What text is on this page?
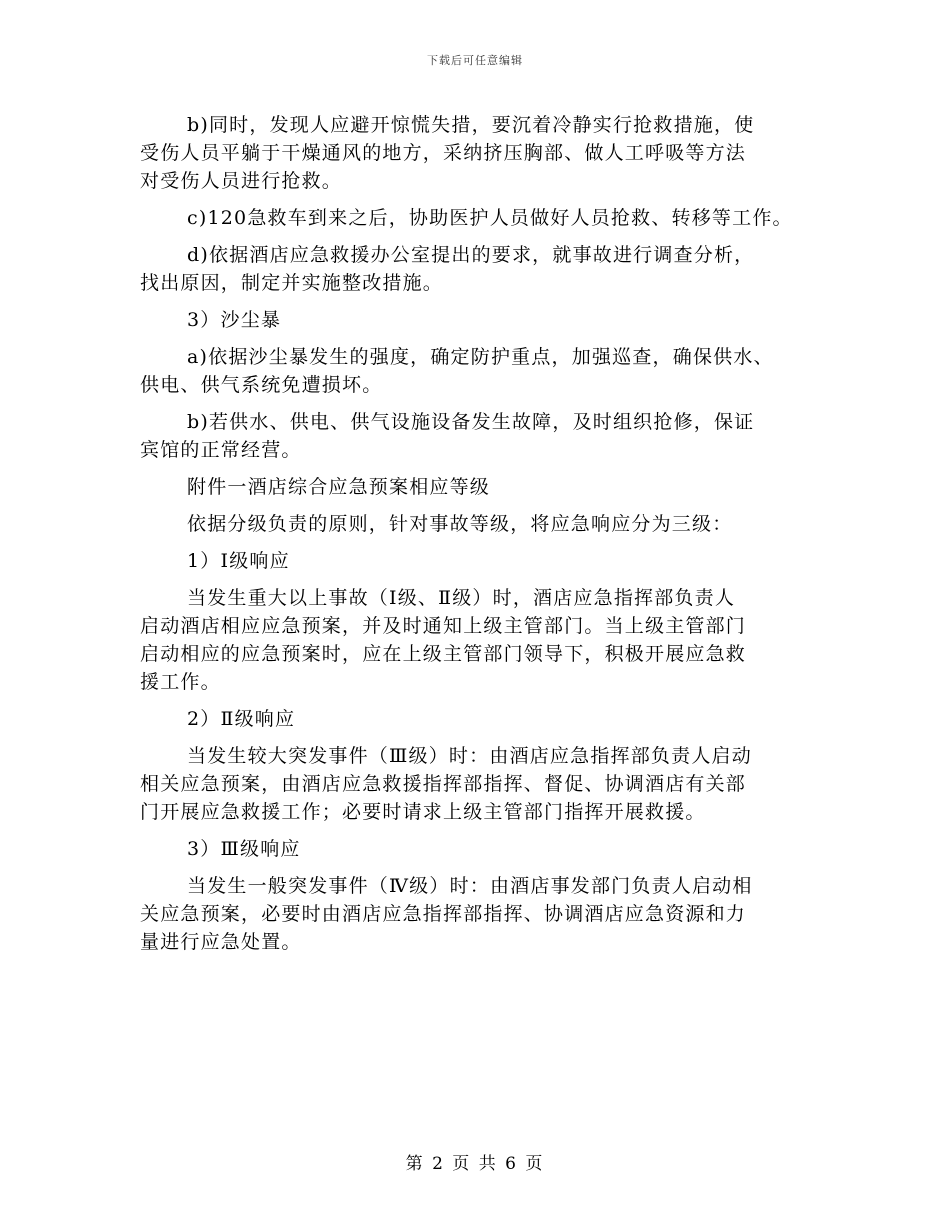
下载后可任意编辑

b)同时，发现人应避开惊慌失措，要沉着冷静实行抢救措施，使
受伤人员平躺于干燥通风的地方，采纳挤压胸部、做人工呼吸等方法
对受伤人员进行抢救。

c)120急救车到来之后，协助医护人员做好人员抢救、转移等工作。

d)依据酒店应急救援办公室提出的要求，就事故进行调查分析，
找出原因，制定并实施整改措施。

3）沙尘暴

a)依据沙尘暴发生的强度，确定防护重点，加强巡查，确保供水、
供电、供气系统免遭损坏。

b)若供水、供电、供气设施设备发生故障，及时组织抢修，保证
宾馆的正常经营。

附件一酒店综合应急预案相应等级

依据分级负责的原则，针对事故等级，将应急响应分为三级：

1）Ⅰ级响应

当发生重大以上事故（Ⅰ级、Ⅱ级）时，酒店应急指挥部负责人
启动酒店相应应急预案，并及时通知上级主管部门。当上级主管部门
启动相应的应急预案时，应在上级主管部门领导下，积极开展应急救
援工作。

2）Ⅱ级响应

当发生较大突发事件（Ⅲ级）时：由酒店应急指挥部负责人启动
相关应急预案，由酒店应急救援指挥部指挥、督促、协调酒店有关部
门开展应急救援工作；必要时请求上级主管部门指挥开展救援。

3）Ⅲ级响应

当发生一般突发事件（Ⅳ级）时：由酒店事发部门负责人启动相
关应急预案，必要时由酒店应急指挥部指挥、协调酒店应急资源和力
量进行应急处置。

第 2 页 共 6 页
